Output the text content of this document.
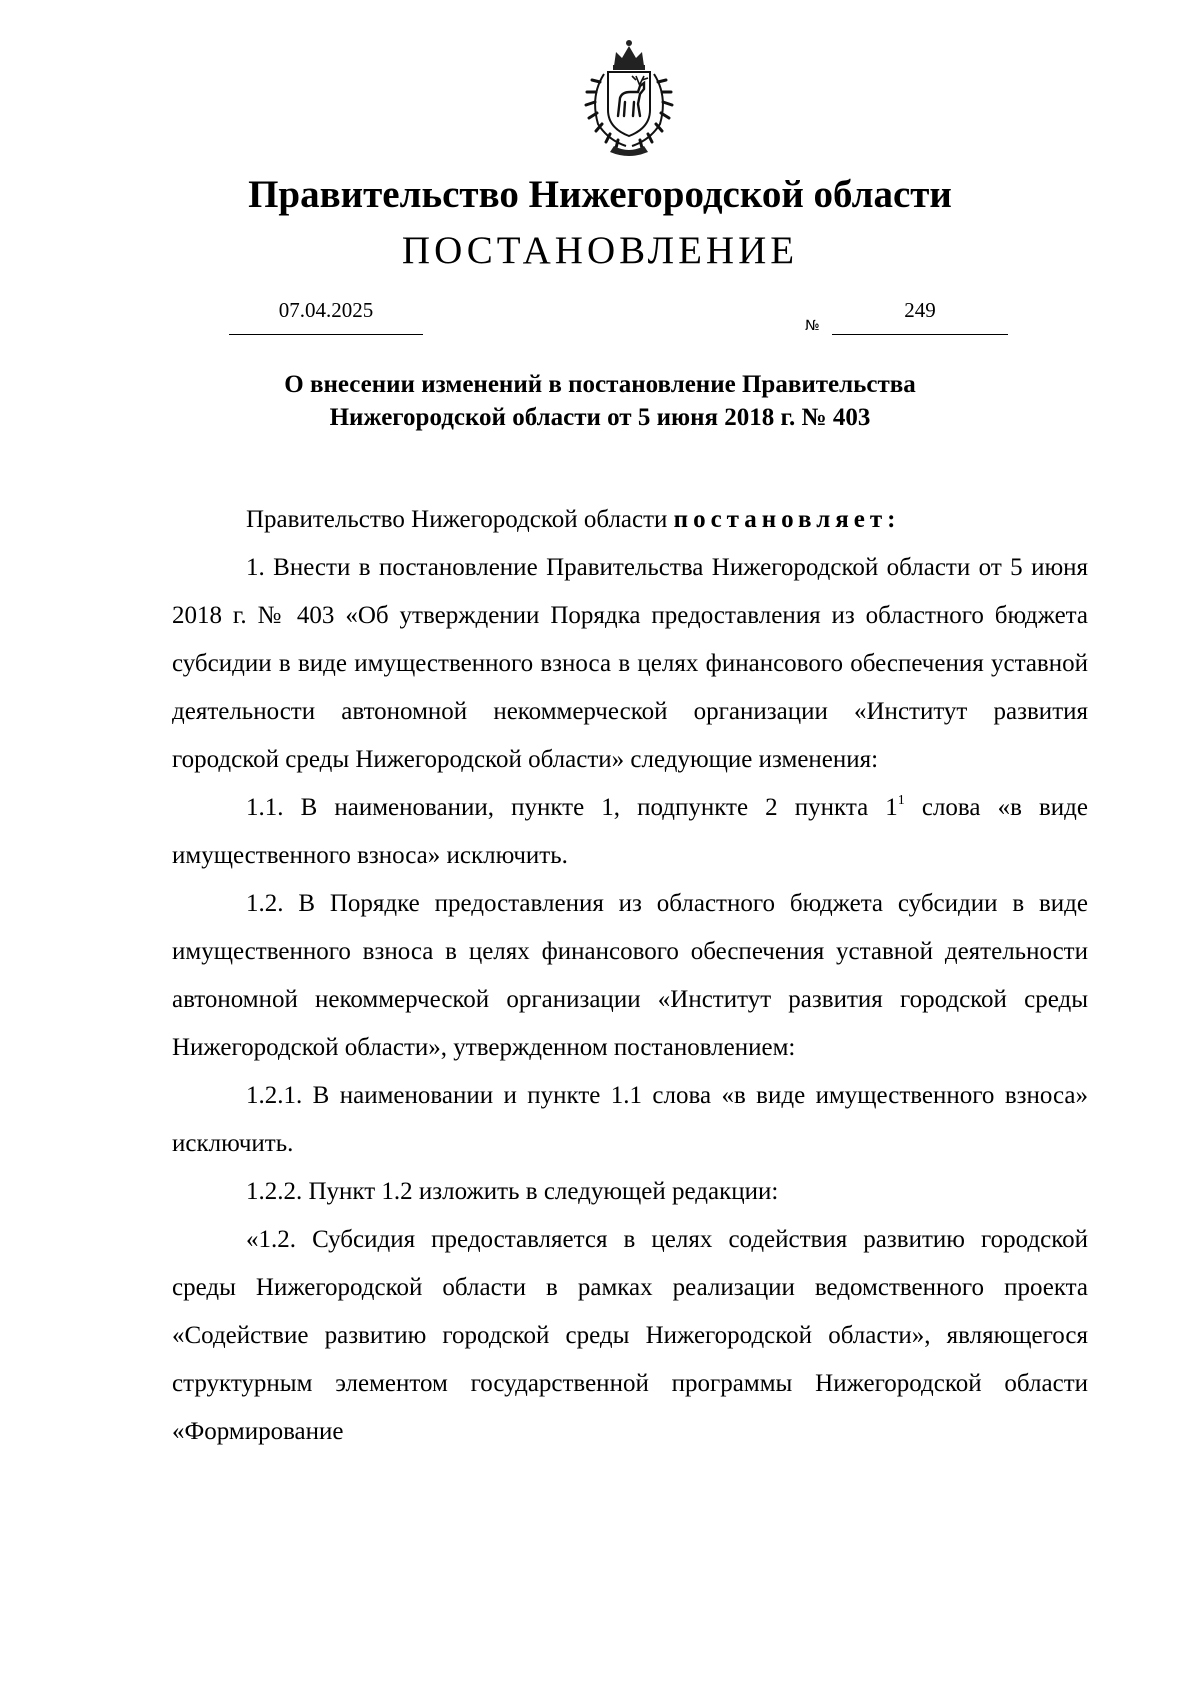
Правительство Нижегородской области
ПОСТАНОВЛЕНИЕ
07.04.2025
№
249
О внесении изменений в постановление Правительства
Нижегородской области от 5 июня 2018 г. № 403

Правительство Нижегородской области постановляет:

1. Внести в постановление Правительства Нижегородской области от 5 июня 2018 г. № 403 «Об утверждении Порядка предоставления из областного бюджета субсидии в виде имущественного взноса в целях финансового обеспечения уставной деятельности автономной некоммерческой организации «Институт развития городской среды Нижегородской области» следующие изменения:

1.1. В наименовании, пункте 1, подпункте 2 пункта $1^1$ слова «в виде имущественного взноса» исключить.

1.2. В Порядке предоставления из областного бюджета субсидии в виде имущественного взноса в целях финансового обеспечения уставной деятельности автономной некоммерческой организации «Институт развития городской среды Нижегородской области», утвержденном постановлением:

1.2.1. В наименовании и пункте 1.1 слова «в виде имущественного взноса» исключить.

1.2.2. Пункт 1.2 изложить в следующей редакции:

«1.2. Субсидия предоставляется в целях содействия развитию городской среды Нижегородской области в рамках реализации ведомственного проекта «Содействие развитию городской среды Нижегородской области», являющегося структурным элементом государственной программы Нижегородской области «Формирование
